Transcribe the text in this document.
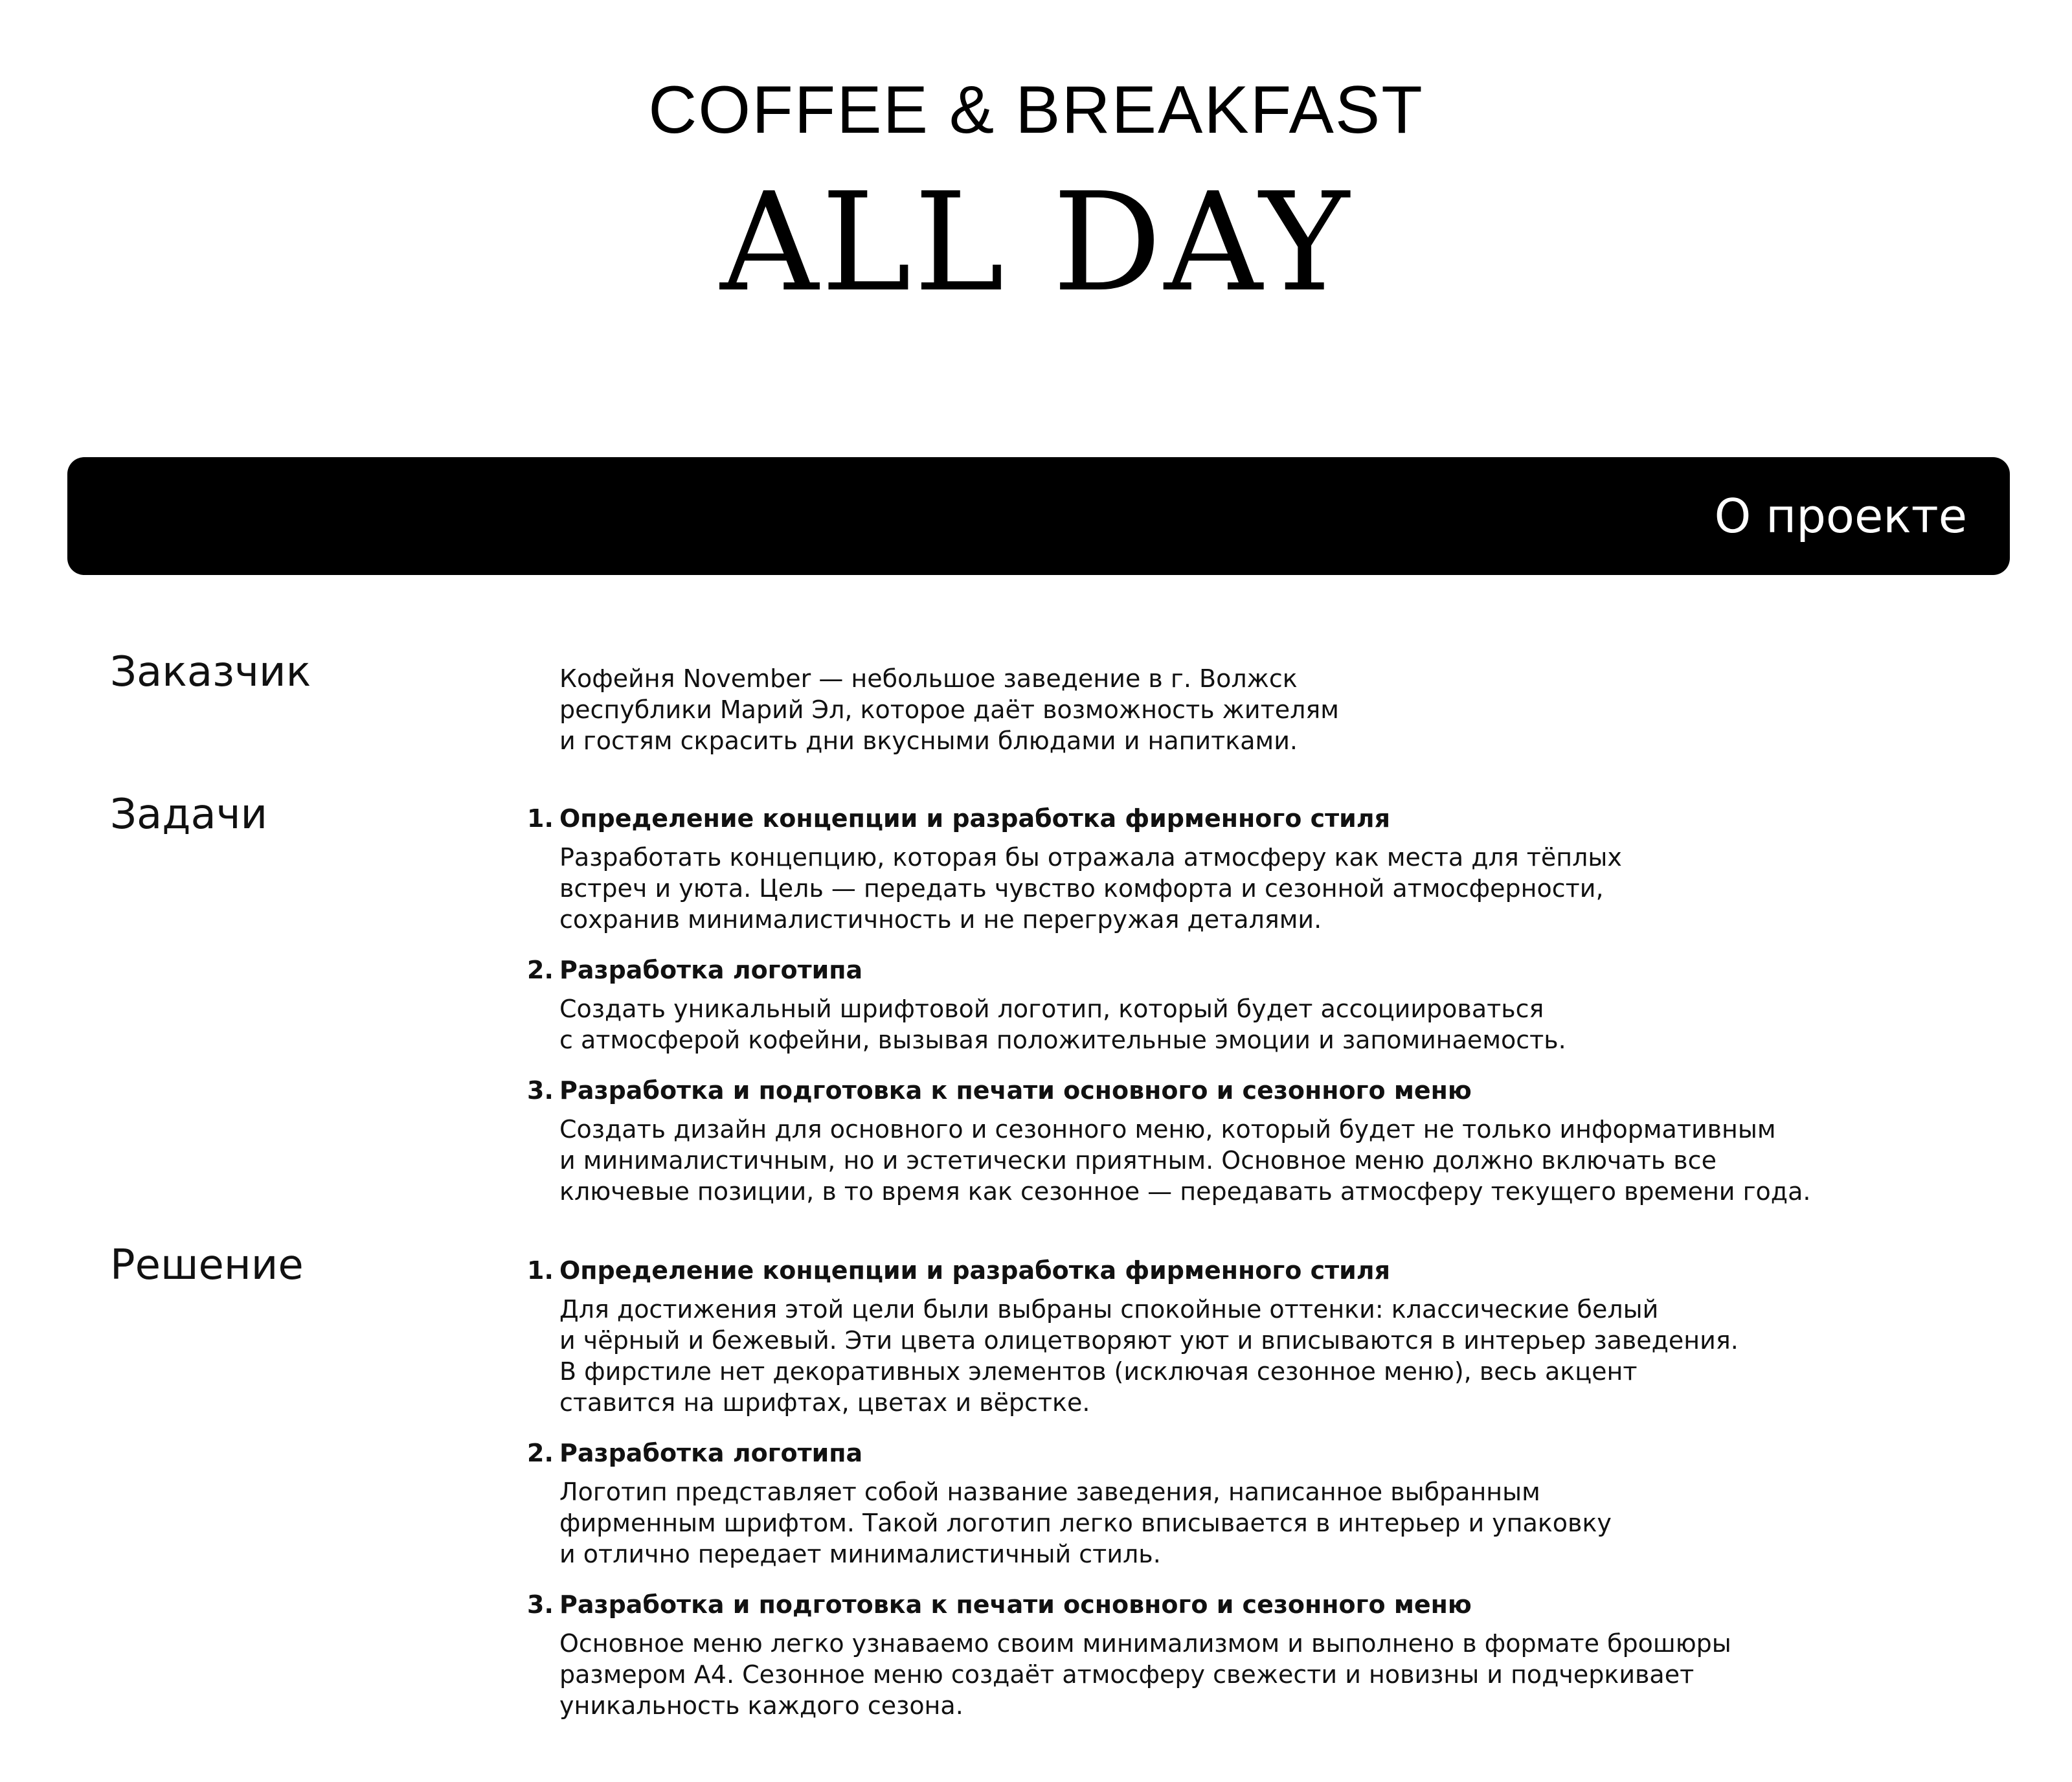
COFFEE & BREAKFAST
ALL DAY
О проекте
Заказчик	Кофейня November — небольшое заведение в г. Волжск
республики Марий Эл, которое даёт возможность жителям
и гостям скрасить дни вкусными блюдами и напитками.

Задачи	1. Определение концепции и разработка фирменного стиля

Разработать концепцию, которая бы отражала атмосферу как места для тёплых
встреч и уюта. Цель — передать чувство комфорта и сезонной атмосферности,
сохранив минималистичность и не перегружая деталями.

2. Разработка логотипа

Создать уникальный шрифтовой логотип, который будет ассоциироваться
с атмосферой кофейни, вызывая положительные эмоции и запоминаемость.

3. Разработка и подготовка к печати основного и сезонного меню

Создать дизайн для основного и сезонного меню, который будет не только информативным
и минималистичным, но и эстетически приятным. Основное меню должно включать все
ключевые позиции, в то время как сезонное — передавать атмосферу текущего времени года.

Решение	1. Определение концепции и разработка фирменного стиля

Для достижения этой цели были выбраны спокойные оттенки: классические белый
и чёрный и бежевый. Эти цвета олицетворяют уют и вписываются в интерьер заведения.
В фирстиле нет декоративных элементов (исключая сезонное меню), весь акцент
ставится на шрифтах, цветах и вёрстке.

2. Разработка логотипа

Логотип представляет собой название заведения, написанное выбранным
фирменным шрифтом. Такой логотип легко вписывается в интерьер и упаковку
и отлично передает минималистичный стиль.

3. Разработка и подготовка к печати основного и сезонного меню

Основное меню легко узнаваемо своим минимализмом и выполнено в формате брошюры
размером А4. Сезонное меню создаёт атмосферу свежести и новизны и подчеркивает
уникальность каждого сезона.
